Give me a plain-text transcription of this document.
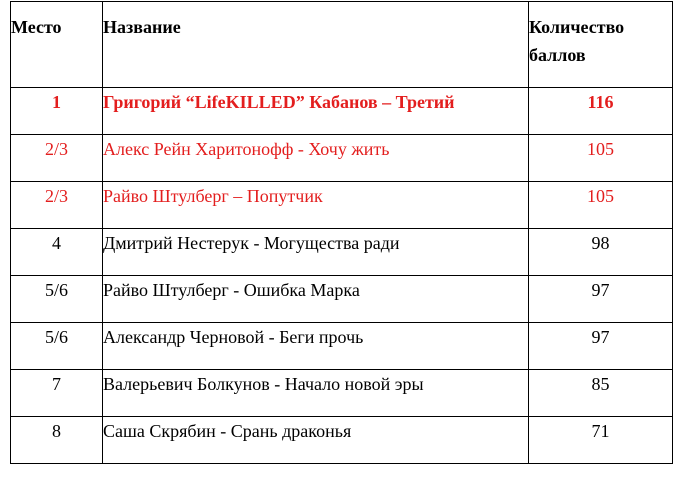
Место	Название	Количество баллов
1	Григорий “LifeKILLED” Кабанов – Третий	116
2/3	Алекс Рейн Харитонофф - Хочу жить	105
2/3	Райво Штулберг – Попутчик	105
4	Дмитрий Нестерук - Могущества ради	98
5/6	Райво Штулберг - Ошибка Марка	97
5/6	Александр Черновой - Беги прочь	97
7	Валерьевич Болкунов - Начало новой эры	85
8	Саша Скрябин - Срань драконья	71
